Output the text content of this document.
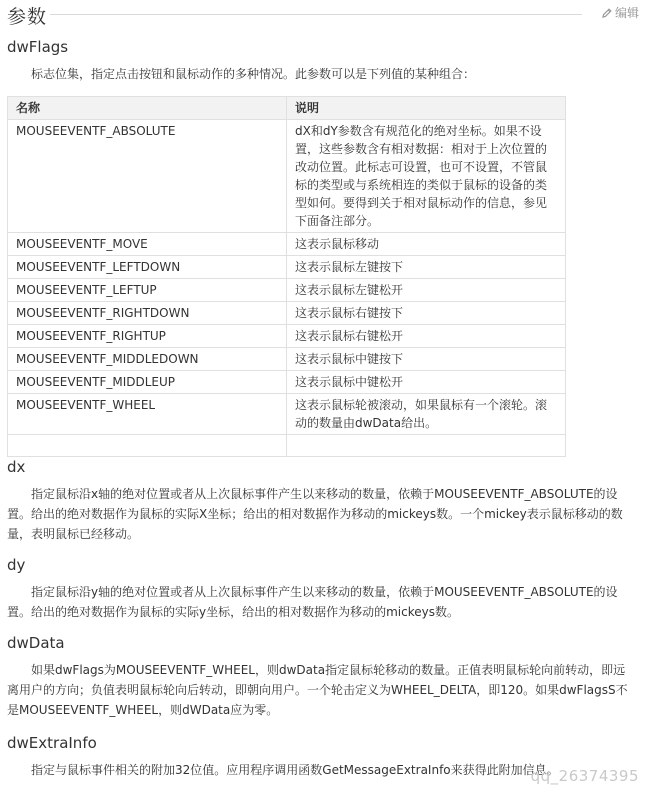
参数	编辑
dwFlags
标志位集，指定点击按钮和鼠标动作的多种情况。此参数可以是下列值的某种组合：
名称	说明
MOUSEEVENTF_ABSOLUTE	dX和dY参数含有规范化的绝对坐标。如果不设置，这些参数含有相对数据：相对于上次位置的改动位置。此标志可设置，也可不设置，不管鼠标的类型或与系统相连的类似于鼠标的设备的类型如何。要得到关于相对鼠标动作的信息，参见下面备注部分。
MOUSEEVENTF_MOVE	这表示鼠标移动
MOUSEEVENTF_LEFTDOWN	这表示鼠标左键按下
MOUSEEVENTF_LEFTUP	这表示鼠标左键松开
MOUSEEVENTF_RIGHTDOWN	这表示鼠标右键按下
MOUSEEVENTF_RIGHTUP	这表示鼠标右键松开
MOUSEEVENTF_MIDDLEDOWN	这表示鼠标中键按下
MOUSEEVENTF_MIDDLEUP	这表示鼠标中键松开
MOUSEEVENTF_WHEEL	这表示鼠标轮被滚动，如果鼠标有一个滚轮。滚动的数量由dwData给出。

dx
指定鼠标沿x轴的绝对位置或者从上次鼠标事件产生以来移动的数量，依赖于MOUSEEVENTF_ABSOLUTE的设置。给出的绝对数据作为鼠标的实际X坐标；给出的相对数据作为移动的mickeys数。一个mickey表示鼠标移动的数量，表明鼠标已经移动。
dy
指定鼠标沿y轴的绝对位置或者从上次鼠标事件产生以来移动的数量，依赖于MOUSEEVENTF_ABSOLUTE的设置。给出的绝对数据作为鼠标的实际y坐标，给出的相对数据作为移动的mickeys数。
dwData
如果dwFlags为MOUSEEVENTF_WHEEL，则dwData指定鼠标轮移动的数量。正值表明鼠标轮向前转动，即远离用户的方向；负值表明鼠标轮向后转动，即朝向用户。一个轮击定义为WHEEL_DELTA，即120。如果dwFlagsS不是MOUSEEVENTF_WHEEL，则dWData应为零。
dwExtraInfo
指定与鼠标事件相关的附加32位值。应用程序调用函数GetMessageExtraInfo来获得此附加信息。
qq_26374395
